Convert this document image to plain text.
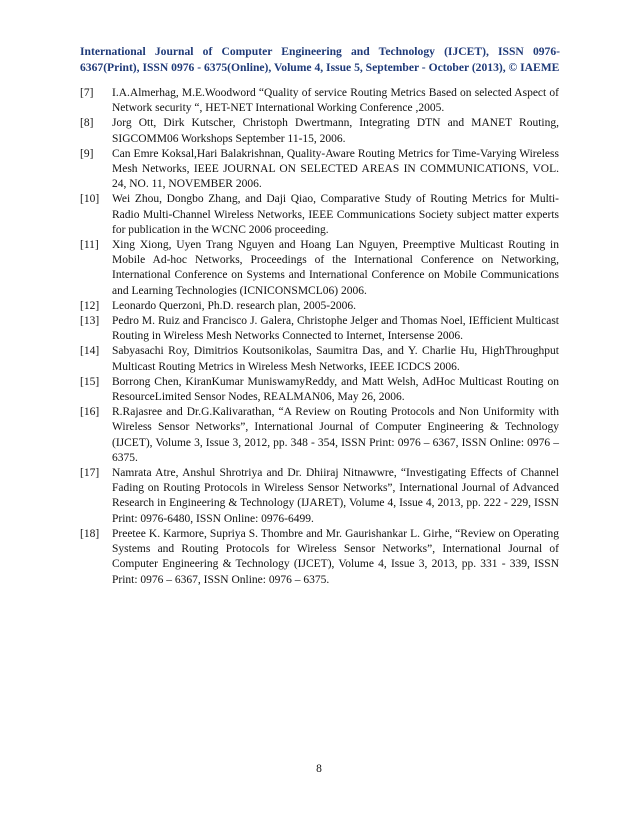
International Journal of Computer Engineering and Technology (IJCET), ISSN 0976-6367(Print), ISSN 0976 - 6375(Online), Volume 4, Issue 5, September - October (2013), © IAEME

[7] I.A.Almerhag, M.E.Woodword “Quality of service Routing Metrics Based on selected Aspect of Network security “, HET-NET International Working Conference ,2005.

[8] Jorg Ott, Dirk Kutscher, Christoph Dwertmann, Integrating DTN and MANET Routing, SIGCOMM06 Workshops September 11-15, 2006.

[9] Can Emre Koksal,Hari Balakrishnan, Quality-Aware Routing Metrics for Time-Varying Wireless Mesh Networks, IEEE JOURNAL ON SELECTED AREAS IN COMMUNICATIONS, VOL. 24, NO. 11, NOVEMBER 2006.

[10] Wei Zhou, Dongbo Zhang, and Daji Qiao, Comparative Study of Routing Metrics for Multi-Radio Multi-Channel Wireless Networks, IEEE Communications Society subject matter experts for publication in the WCNC 2006 proceeding.

[11] Xing Xiong, Uyen Trang Nguyen and Hoang Lan Nguyen, Preemptive Multicast Routing in Mobile Ad-hoc Networks, Proceedings of the International Conference on Networking, International Conference on Systems and International Conference on Mobile Communications and Learning Technologies (ICNICONSMCL06) 2006.

[12] Leonardo Querzoni, Ph.D. research plan, 2005-2006.

[13] Pedro M. Ruiz and Francisco J. Galera, Christophe Jelger and Thomas Noel, IEfficient Multicast Routing in Wireless Mesh Networks Connected to Internet, Intersense 2006.

[14] Sabyasachi Roy, Dimitrios Koutsonikolas, Saumitra Das, and Y. Charlie Hu, HighThroughput Multicast Routing Metrics in Wireless Mesh Networks, IEEE ICDCS 2006.

[15] Borrong Chen, KiranKumar MuniswamyReddy, and Matt Welsh, AdHoc Multicast Routing on ResourceLimited Sensor Nodes, REALMAN06, May 26, 2006.

[16] R.Rajasree and Dr.G.Kalivarathan, “A Review on Routing Protocols and Non Uniformity with Wireless Sensor Networks”, International Journal of Computer Engineering & Technology (IJCET), Volume 3, Issue 3, 2012, pp. 348 - 354, ISSN Print: 0976 – 6367, ISSN Online: 0976 – 6375.

[17] Namrata Atre, Anshul Shrotriya and Dr. Dhiiraj Nitnawwre, “Investigating Effects of Channel Fading on Routing Protocols in Wireless Sensor Networks”, International Journal of Advanced Research in Engineering & Technology (IJARET), Volume 4, Issue 4, 2013, pp. 222 - 229, ISSN Print: 0976-6480, ISSN Online: 0976-6499.

[18] Preetee K. Karmore, Supriya S. Thombre and Mr. Gaurishankar L. Girhe, “Review on Operating Systems and Routing Protocols for Wireless Sensor Networks”, International Journal of Computer Engineering & Technology (IJCET), Volume 4, Issue 3, 2013, pp. 331 - 339, ISSN Print: 0976 – 6367, ISSN Online: 0976 – 6375.

8
